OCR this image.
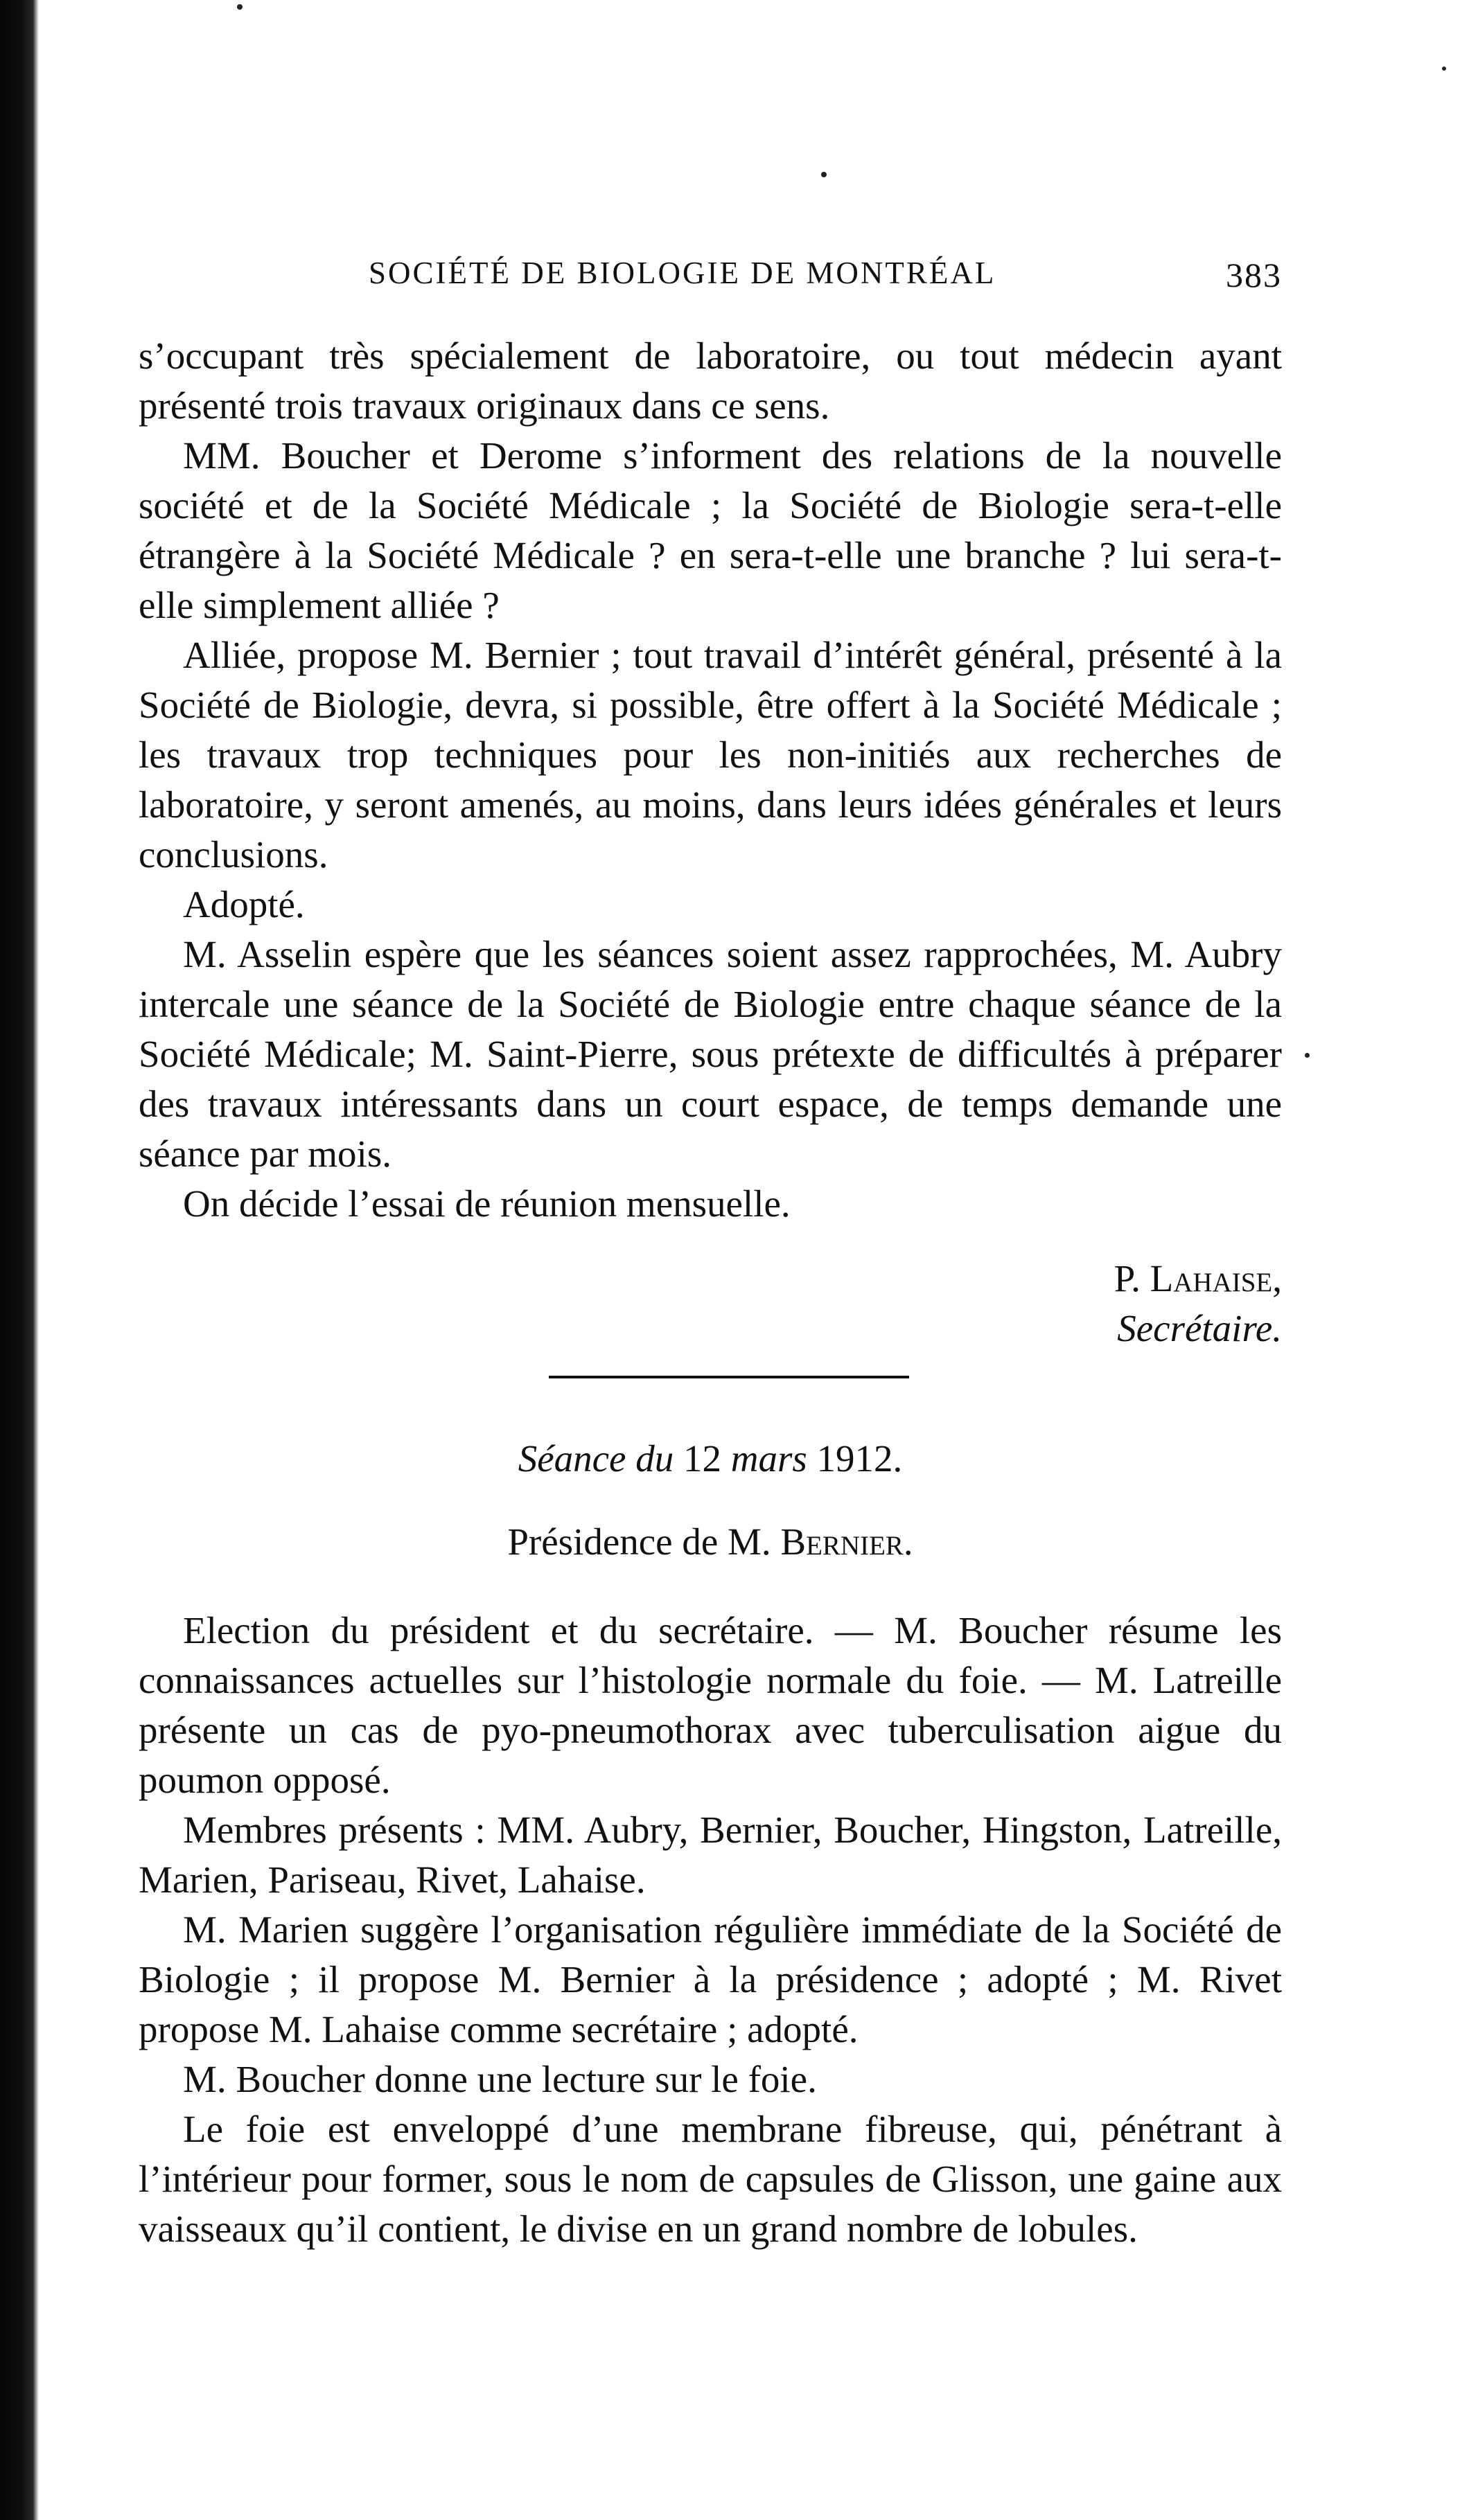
SOCIÉTÉ DE BIOLOGIE DE MONTRÉAL	383

s’occupant très spécialement de laboratoire, ou tout médecin ayant présenté trois travaux originaux dans ce sens.

MM. Boucher et Derome s’informent des relations de la nouvelle société et de la Société Médicale ; la Société de Biologie sera-t-elle étrangère à la Société Médicale ? en sera-t-elle une branche ? lui sera-t-elle simplement alliée ?

Alliée, propose M. Bernier ; tout travail d’intérêt général, présenté à la Société de Biologie, devra, si possible, être offert à la Société Médicale ; les travaux trop techniques pour les non-initiés aux recherches de laboratoire, y seront amenés, au moins, dans leurs idées générales et leurs conclusions.

Adopté.

M. Asselin espère que les séances soient assez rapprochées, M. Aubry intercale une séance de la Société de Biologie entre chaque séance de la Société Médicale; M. Saint-Pierre, sous prétexte de difficultés à préparer des travaux intéressants dans un court espace, de temps demande une séance par mois.

On décide l’essai de réunion mensuelle.

P. Lahaise,
Secrétaire.
Séance du 12 mars 1912.
Présidence de M. Bernier.

Election du président et du secrétaire. — M. Boucher résume les connaissances actuelles sur l’histologie normale du foie. — M. Latreille présente un cas de pyo-pneumothorax avec tuberculisation aigue du poumon opposé.

Membres présents : MM. Aubry, Bernier, Boucher, Hingston, Latreille, Marien, Pariseau, Rivet, Lahaise.

M. Marien suggère l’organisation régulière immédiate de la Société de Biologie ; il propose M. Bernier à la présidence ; adopté ; M. Rivet propose M. Lahaise comme secrétaire ; adopté.

M. Boucher donne une lecture sur le foie.

Le foie est enveloppé d’une membrane fibreuse, qui, pénétrant à l’intérieur pour former, sous le nom de capsules de Glisson, une gaine aux vaisseaux qu’il contient, le divise en un grand nombre de lobules.
